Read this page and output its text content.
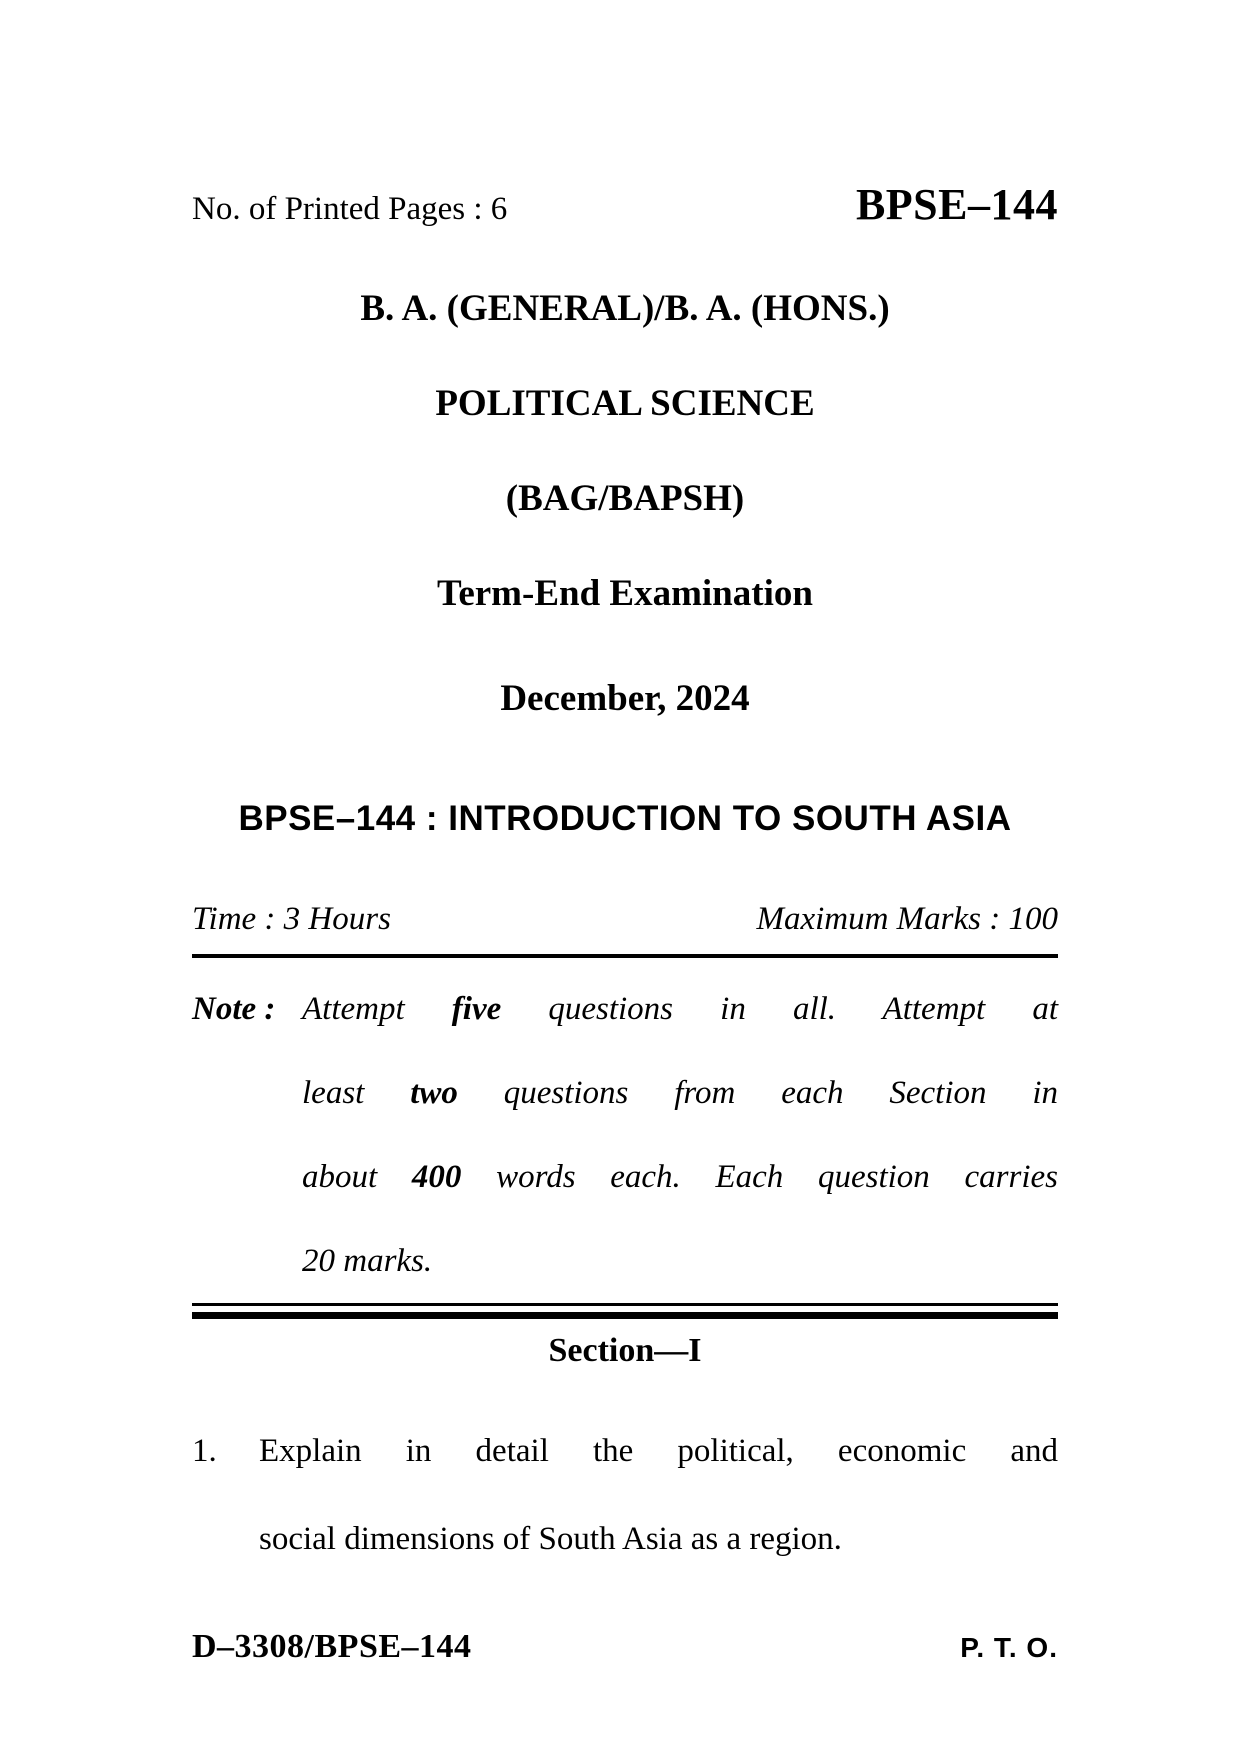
No. of Printed Pages : 6	BPSE–144
B. A. (GENERAL)/B. A. (HONS.)
POLITICAL SCIENCE
(BAG/BAPSH)
Term-End Examination
December, 2024
BPSE–144 : INTRODUCTION TO SOUTH ASIA
Time : 3 Hours	Maximum Marks : 100
Note : Attempt five questions in all. Attempt at
least two questions from each Section in
about 400 words each. Each question carries
20 marks.
Section—I
1.	Explain in detail the political, economic and
social dimensions of South Asia as a region.
D–3308/BPSE–144	P. T. O.
